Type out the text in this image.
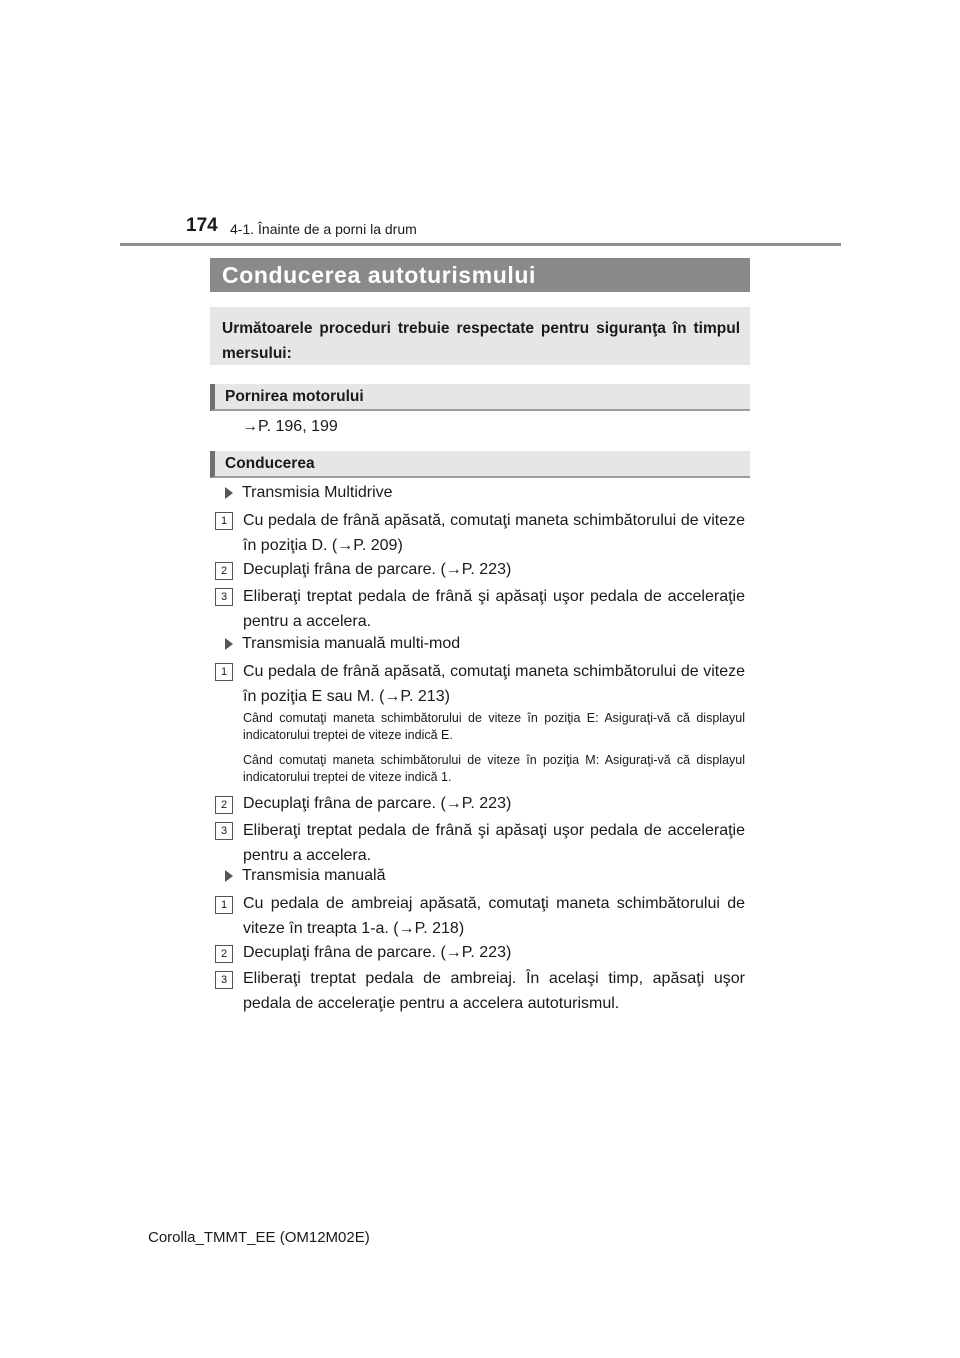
174 4-1. Înainte de a porni la drum
Conducerea autoturismului
Următoarele proceduri trebuie respectate pentru siguranţa în timpul mersului:
Pornirea motorului
→P. 196, 199
Conducerea
Transmisia Multidrive
1 Cu pedala de frână apăsată, comutaţi maneta schimbătorului de viteze în poziţia D. (→P. 209)
2 Decuplaţi frâna de parcare. (→P. 223)
3 Eliberaţi treptat pedala de frână şi apăsaţi uşor pedala de acceleraţie pentru a accelera.
Transmisia manuală multi-mod
1 Cu pedala de frână apăsată, comutaţi maneta schimbătorului de viteze în poziţia E sau M. (→P. 213)
Când comutaţi maneta schimbătorului de viteze în poziţia E: Asiguraţi-vă că displayul indicatorului treptei de viteze indică E.
Când comutaţi maneta schimbătorului de viteze în poziţia M: Asiguraţi-vă că displayul indicatorului treptei de viteze indică 1.
2 Decuplaţi frâna de parcare. (→P. 223)
3 Eliberaţi treptat pedala de frână şi apăsaţi uşor pedala de acceleraţie pentru a accelera.
Transmisia manuală
1 Cu pedala de ambreiaj apăsată, comutaţi maneta schimbătorului de viteze în treapta 1-a. (→P. 218)
2 Decuplaţi frâna de parcare. (→P. 223)
3 Eliberaţi treptat pedala de ambreiaj. În acelaşi timp, apăsaţi uşor pedala de acceleraţie pentru a accelera autoturismul.
Corolla_TMMT_EE (OM12M02E)
